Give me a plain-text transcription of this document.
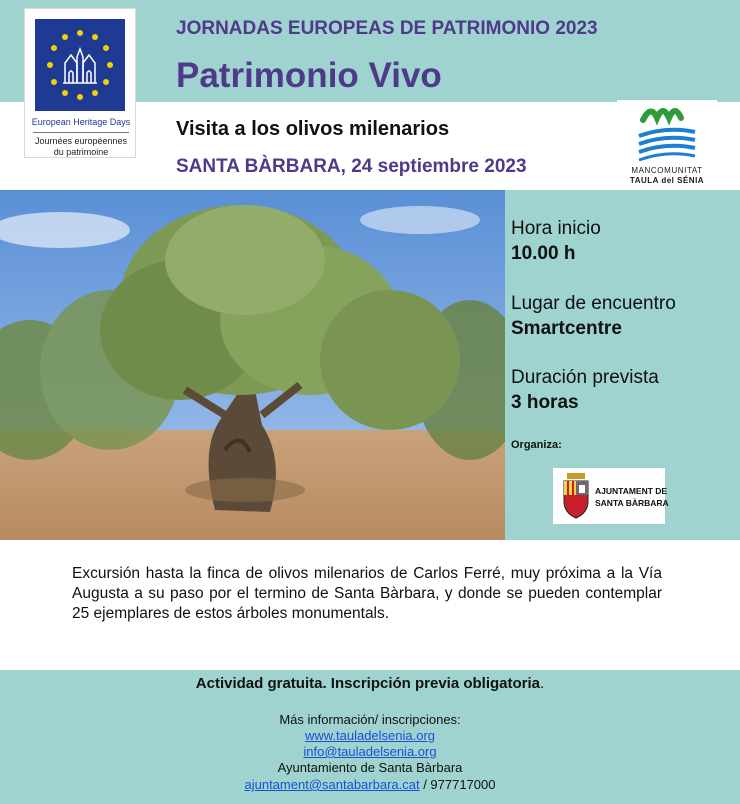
European Heritage Days
Journées européennes
du patrimoine
JORNADAS EUROPEAS DE PATRIMONIO 2023
Patrimonio Vivo
Visita a los olivos milenarios
SANTA BÀRBARA, 24 septiembre 2023	MANCOMUNITAT
TAULA del SÉNIA
Hora inicio
10.00 h
Lugar de encuentro
Smartcentre
Duración prevista
3 horas
Organiza:
AJUNTAMENT DE
SANTA BÀRBARA
Excursión hasta la finca de olivos milenarios de Carlos Ferré, muy próxima a la Vía Augusta a su paso por el termino de Santa Bàrbara, y donde se pueden contemplar 25 ejemplares de estos árboles monumentals.
Actividad gratuita. Inscripción previa obligatoria.
Más información/ inscripciones:
www.tauladelsenia.org
info@tauladelsenia.org
Ayuntamiento de Santa Bàrbara
ajuntament@santabarbara.cat / 977717000
